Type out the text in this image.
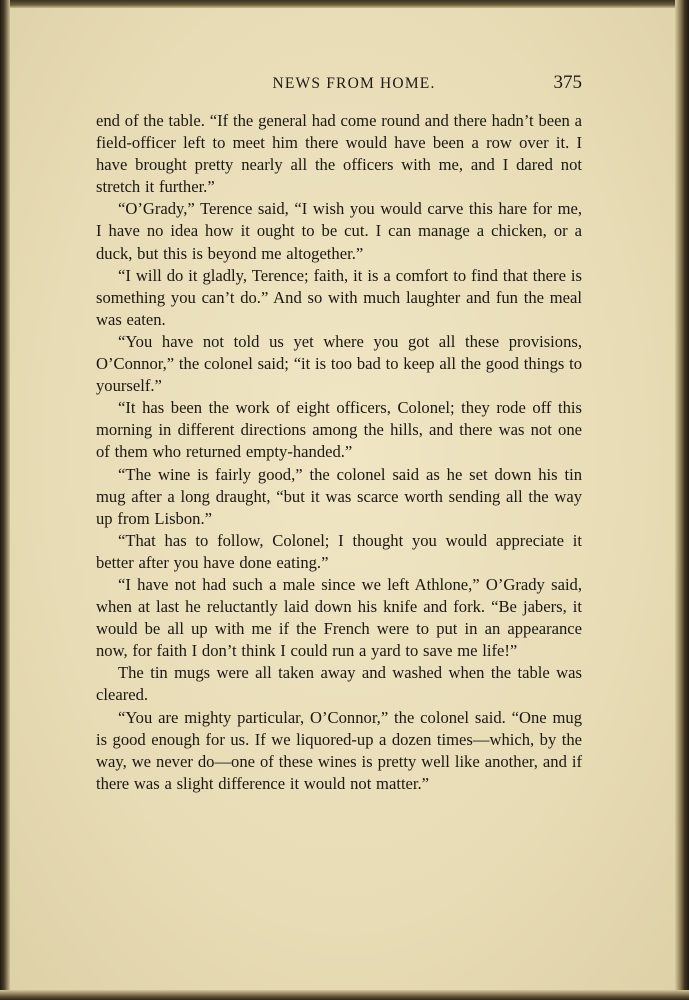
NEWS FROM HOME.	375

end of the table. “If the general had come round and there hadn’t been a field-officer left to meet him there would have been a row over it. I have brought pretty nearly all the officers with me, and I dared not stretch it further.”

“O’Grady,” Terence said, “I wish you would carve this hare for me, I have no idea how it ought to be cut. I can manage a chicken, or a duck, but this is beyond me altogether.”

“I will do it gladly, Terence; faith, it is a comfort to find that there is something you can’t do.” And so with much laughter and fun the meal was eaten.

“You have not told us yet where you got all these provisions, O’Connor,” the colonel said; “it is too bad to keep all the good things to yourself.”

“It has been the work of eight officers, Colonel; they rode off this morning in different directions among the hills, and there was not one of them who returned empty-handed.”

“The wine is fairly good,” the colonel said as he set down his tin mug after a long draught, “but it was scarce worth sending all the way up from Lisbon.”

“That has to follow, Colonel; I thought you would appreciate it better after you have done eating.”

“I have not had such a male since we left Athlone,” O’Grady said, when at last he reluctantly laid down his knife and fork. “Be jabers, it would be all up with me if the French were to put in an appearance now, for faith I don’t think I could run a yard to save me life!”

The tin mugs were all taken away and washed when the table was cleared.

“You are mighty particular, O’Connor,” the colonel said. “One mug is good enough for us. If we liquored-up a dozen times—which, by the way, we never do—one of these wines is pretty well like another, and if there was a slight difference it would not matter.”
